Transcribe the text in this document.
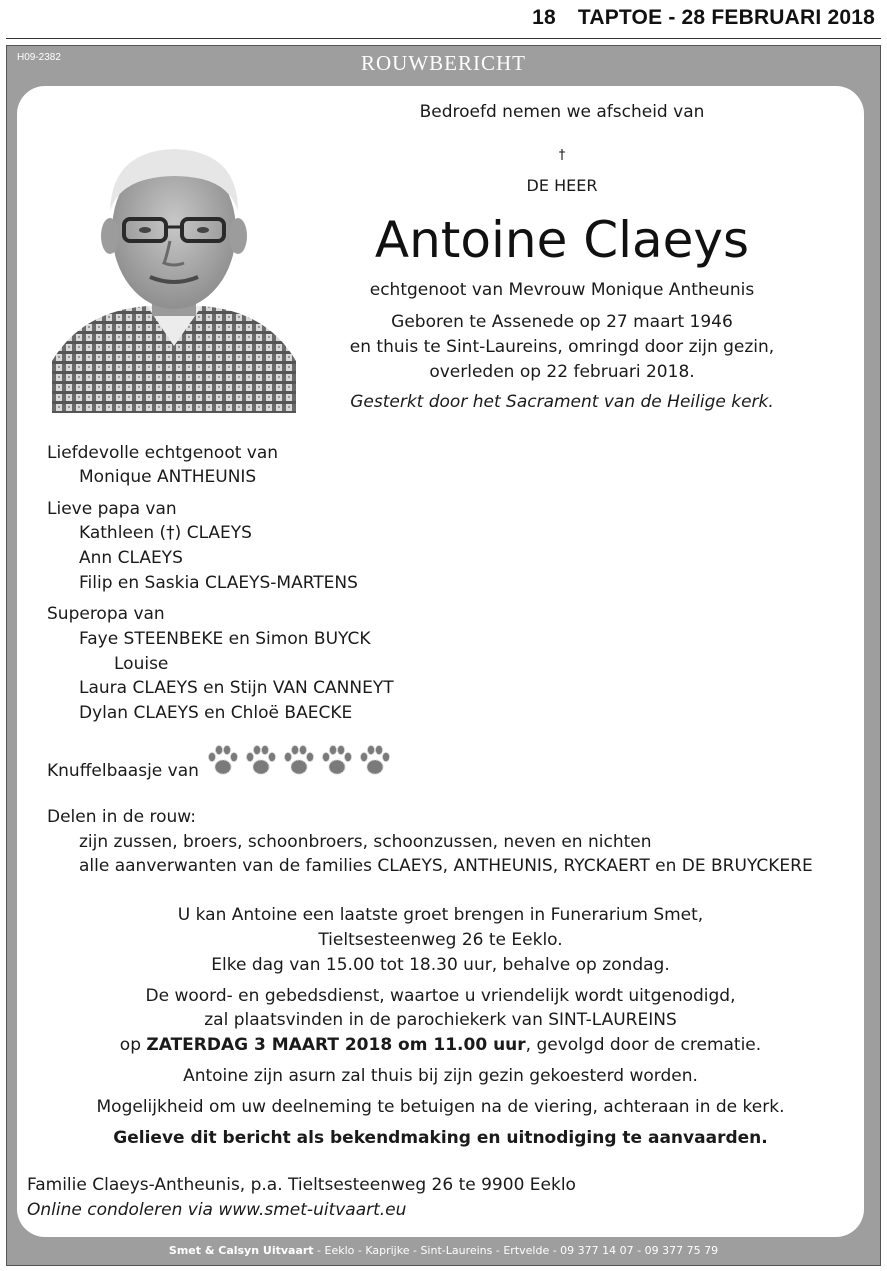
18 TAPTOE - 28 FEBRUARI 2018
H09-2382	ROUWBERICHT
Bedroefd nemen we afscheid van
†
DE HEER
Antoine Claeys
echtgenoot van Mevrouw Monique Antheunis
Geboren te Assenede op 27 maart 1946
en thuis te Sint-Laureins, omringd door zijn gezin,
overleden op 22 februari 2018.
Gesterkt door het Sacrament van de Heilige kerk.
Liefdevolle echtgenoot van
Monique ANTHEUNIS
Lieve papa van
Kathleen (†) CLAEYS
Ann CLAEYS
Filip en Saskia CLAEYS-MARTENS
Superopa van
Faye STEENBEKE en Simon BUYCK
Louise
Laura CLAEYS en Stijn VAN CANNEYT
Dylan CLAEYS en Chloë BAECKE
Knuffelbaasje van
Delen in de rouw:
zijn zussen, broers, schoonbroers, schoonzussen, neven en nichten
alle aanverwanten van de families CLAEYS, ANTHEUNIS, RYCKAERT en DE BRUYCKERE
U kan Antoine een laatste groet brengen in Funerarium Smet,
Tieltsesteenweg 26 te Eeklo.
Elke dag van 15.00 tot 18.30 uur, behalve op zondag.
De woord- en gebedsdienst, waartoe u vriendelijk wordt uitgenodigd,
zal plaatsvinden in de parochiekerk van SINT-LAUREINS
op ZATERDAG 3 MAART 2018 om 11.00 uur, gevolgd door de crematie.
Antoine zijn asurn zal thuis bij zijn gezin gekoesterd worden.
Mogelijkheid om uw deelneming te betuigen na de viering, achteraan in de kerk.
Gelieve dit bericht als bekendmaking en uitnodiging te aanvaarden.
Familie Claeys-Antheunis, p.a. Tieltsesteenweg 26 te 9900 Eeklo
Online condoleren via www.smet-uitvaart.eu
Smet & Calsyn Uitvaart - Eeklo - Kaprijke - Sint-Laureins - Ertvelde - 09 377 14 07 - 09 377 75 79
